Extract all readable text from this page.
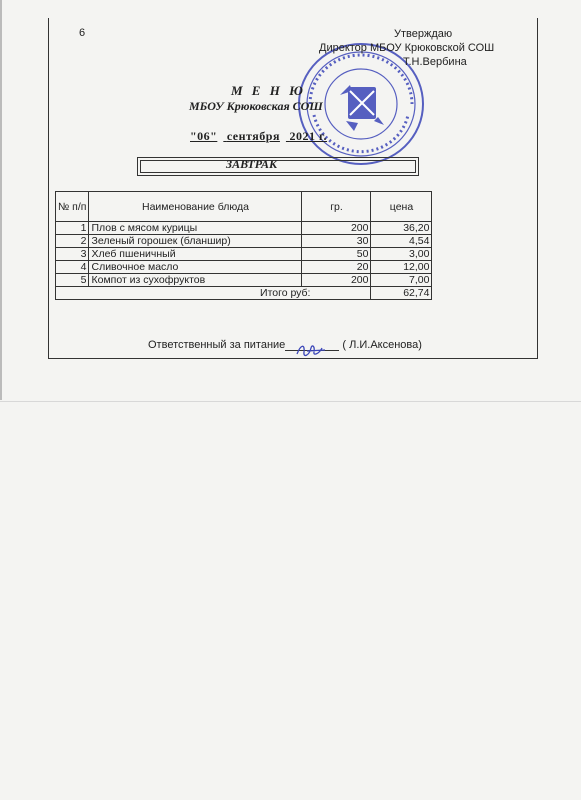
6	Утверждаю
Директор МБОУ Крюковской СОШ
Т.Н.Вербина
М Е Н Ю
МБОУ Крюковская СОШ
"06" сентября 2021 г.
ЗАВТРАК
№ п/п	Наименование блюда	гр.	цена
1	Плов с мясом курицы	200	36,20
2	Зеленый горошек (бланшир)	30	4,54
3	Хлеб пшеничный	50	3,00
4	Сливочное масло	20	12,00
5	Компот из сухофруктов	200	7,00
Итого руб:			62,74
Ответственный за питание	( Л.И.Аксенова)
